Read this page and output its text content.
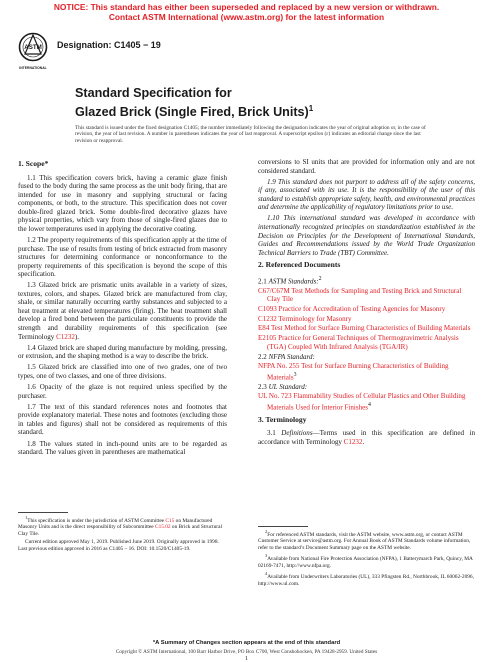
NOTICE: This standard has either been superseded and replaced by a new version or withdrawn.
Contact ASTM International (www.astm.org) for the latest information
ASTM
INTERNATIONAL
Designation: C1405 − 19
Standard Specification for
Glazed Brick (Single Fired, Brick Units)$^1$
This standard is issued under the fixed designation C1405; the number immediately following the designation indicates the year of original adoption or, in the case of revision, the year of last revision. A number in parentheses indicates the year of last reapproval. A superscript epsilon (ε) indicates an editorial change since the last revision or reapproval.
1. Scope*

1.1 This specification covers brick, having a ceramic glaze finish fused to the body during the same process as the unit body firing, that are intended for use in masonry and supplying structural or facing components, or both, to the structure. This specification does not cover double-fired glazed brick. Some double-fired decorative glazes have physical properties, which vary from those of single-fired glazes due to the lower temperatures used in applying the decorative coating.

1.2 The property requirements of this specification apply at the time of purchase. The use of results from testing of brick extracted from masonry structures for determining conformance or nonconformance to the property requirements of this specification is beyond the scope of this specification.

1.3 Glazed brick are prismatic units available in a variety of sizes, textures, colors, and shapes. Glazed brick are manufactured from clay, shale, or similar naturally occurring earthy substances and subjected to a heat treatment at elevated temperatures (firing). The heat treatment shall develop a fired bond between the particulate constituents to provide the strength and durability requirements of this specification (see Terminology C1232).

1.4 Glazed brick are shaped during manufacture by molding, pressing, or extrusion, and the shaping method is a way to describe the brick.

1.5 Glazed brick are classified into one of two grades, one of two types, one of two classes, and one of three divisions.

1.6 Opacity of the glaze is not required unless specified by the purchaser.

1.7 The text of this standard references notes and footnotes that provide explanatory material. These notes and footnotes (excluding those in tables and figures) shall not be considered as requirements of this standard.

1.8 The values stated in inch-pound units are to be regarded as standard. The values given in parentheses are mathematical

conversions to SI units that are provided for information only and are not considered standard.

1.9 This standard does not purport to address all of the safety concerns, if any, associated with its use. It is the responsibility of the user of this standard to establish appropriate safety, health, and environmental practices and determine the applicability of regulatory limitations prior to use.

1.10 This international standard was developed in accordance with internationally recognized principles on standardization established in the Decision on Principles for the Development of International Standards, Guides and Recommendations issued by the World Trade Organization Technical Barriers to Trade (TBT) Committee.

2. Referenced Documents
2.1 ASTM Standards:$^2$
C67/C67M Test Methods for Sampling and Testing Brick and Structural Clay Tile
C1093 Practice for Accreditation of Testing Agencies for Masonry
C1232 Terminology for Masonry
E84 Test Method for Surface Burning Characteristics of Building Materials
E2105 Practice for General Techniques of Thermogravimetric Analysis (TGA) Coupled With Infrared Analysis (TGA/IR)
2.2 NFPA Standard:
NFPA No. 255 Test for Surface Burning Characteristics of Building Materials$^3$
2.3 UL Standard:
UL No. 723 Flammability Studies of Cellular Plastics and Other Building Materials Used for Interior Finishes$^4$
3. Terminology

3.1 Definitions—Terms used in this specification are defined in accordance with Terminology C1232.

$^1$This specification is under the jurisdiction of ASTM Committee C15 on Manufactured Masonry Units and is the direct responsibility of Subcommittee C15.02 on Brick and Structural Clay Tile.

Current edition approved May 1, 2019. Published June 2019. Originally approved in 1998. Last previous edition approved in 2016 as C1405 – 16. DOI: 10.1520/C1405-19.

$^2$For referenced ASTM standards, visit the ASTM website, www.astm.org, or contact ASTM Customer Service at service@astm.org. For Annual Book of ASTM Standards volume information, refer to the standard’s Document Summary page on the ASTM website.

$^3$Available from National Fire Protection Association (NFPA), 1 Batterymarch Park, Quincy, MA 02169-7471, http://www.nfpa.org.

$^4$Available from Underwriters Laboratories (UL), 333 Pfingsten Rd., Northbrook, IL 60062-2096, http://www.ul.com.

*A Summary of Changes section appears at the end of this standard
Copyright © ASTM International, 100 Barr Harbor Drive, PO Box C700, West Conshohocken, PA 19428-2959. United States
1
